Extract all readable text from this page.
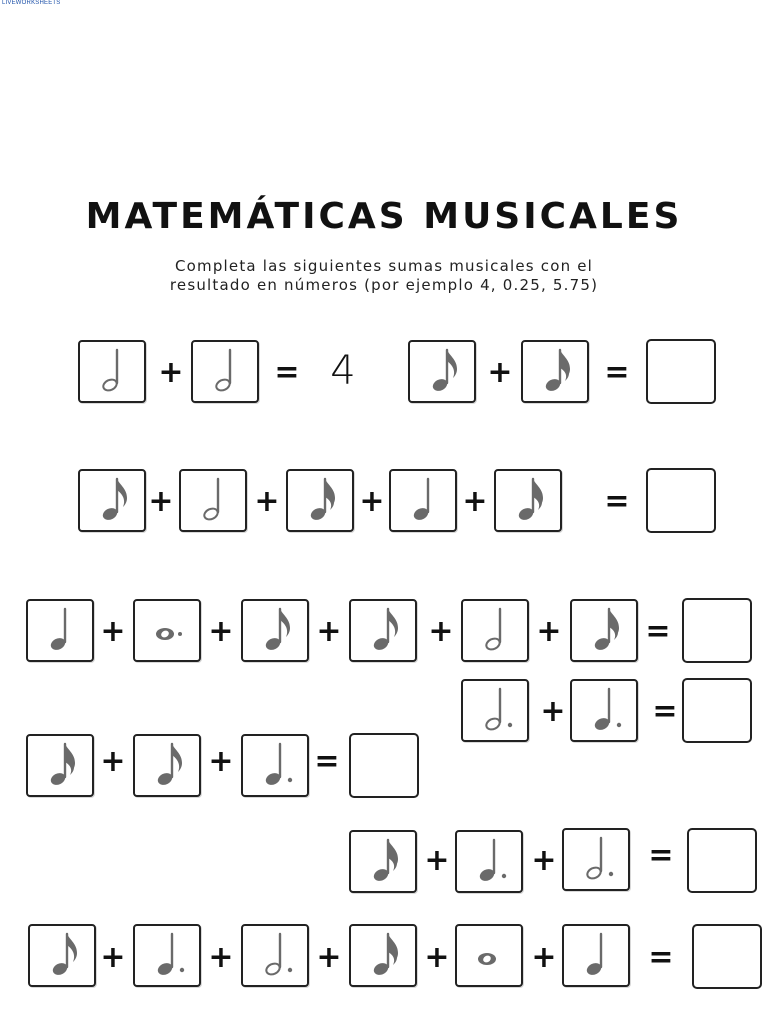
LIVEWORKSHEETS
MATEMÁTICAS MUSICALES
Completa las siguientes sumas musicales con el
resultado en números (por ejemplo 4, 0.25, 5.75)
+	= 4	+	=
+	+	+	+	=
+	+	+	+	+	=
+	=
+	+	=
+	+	=
+	+	+	+	+	=
